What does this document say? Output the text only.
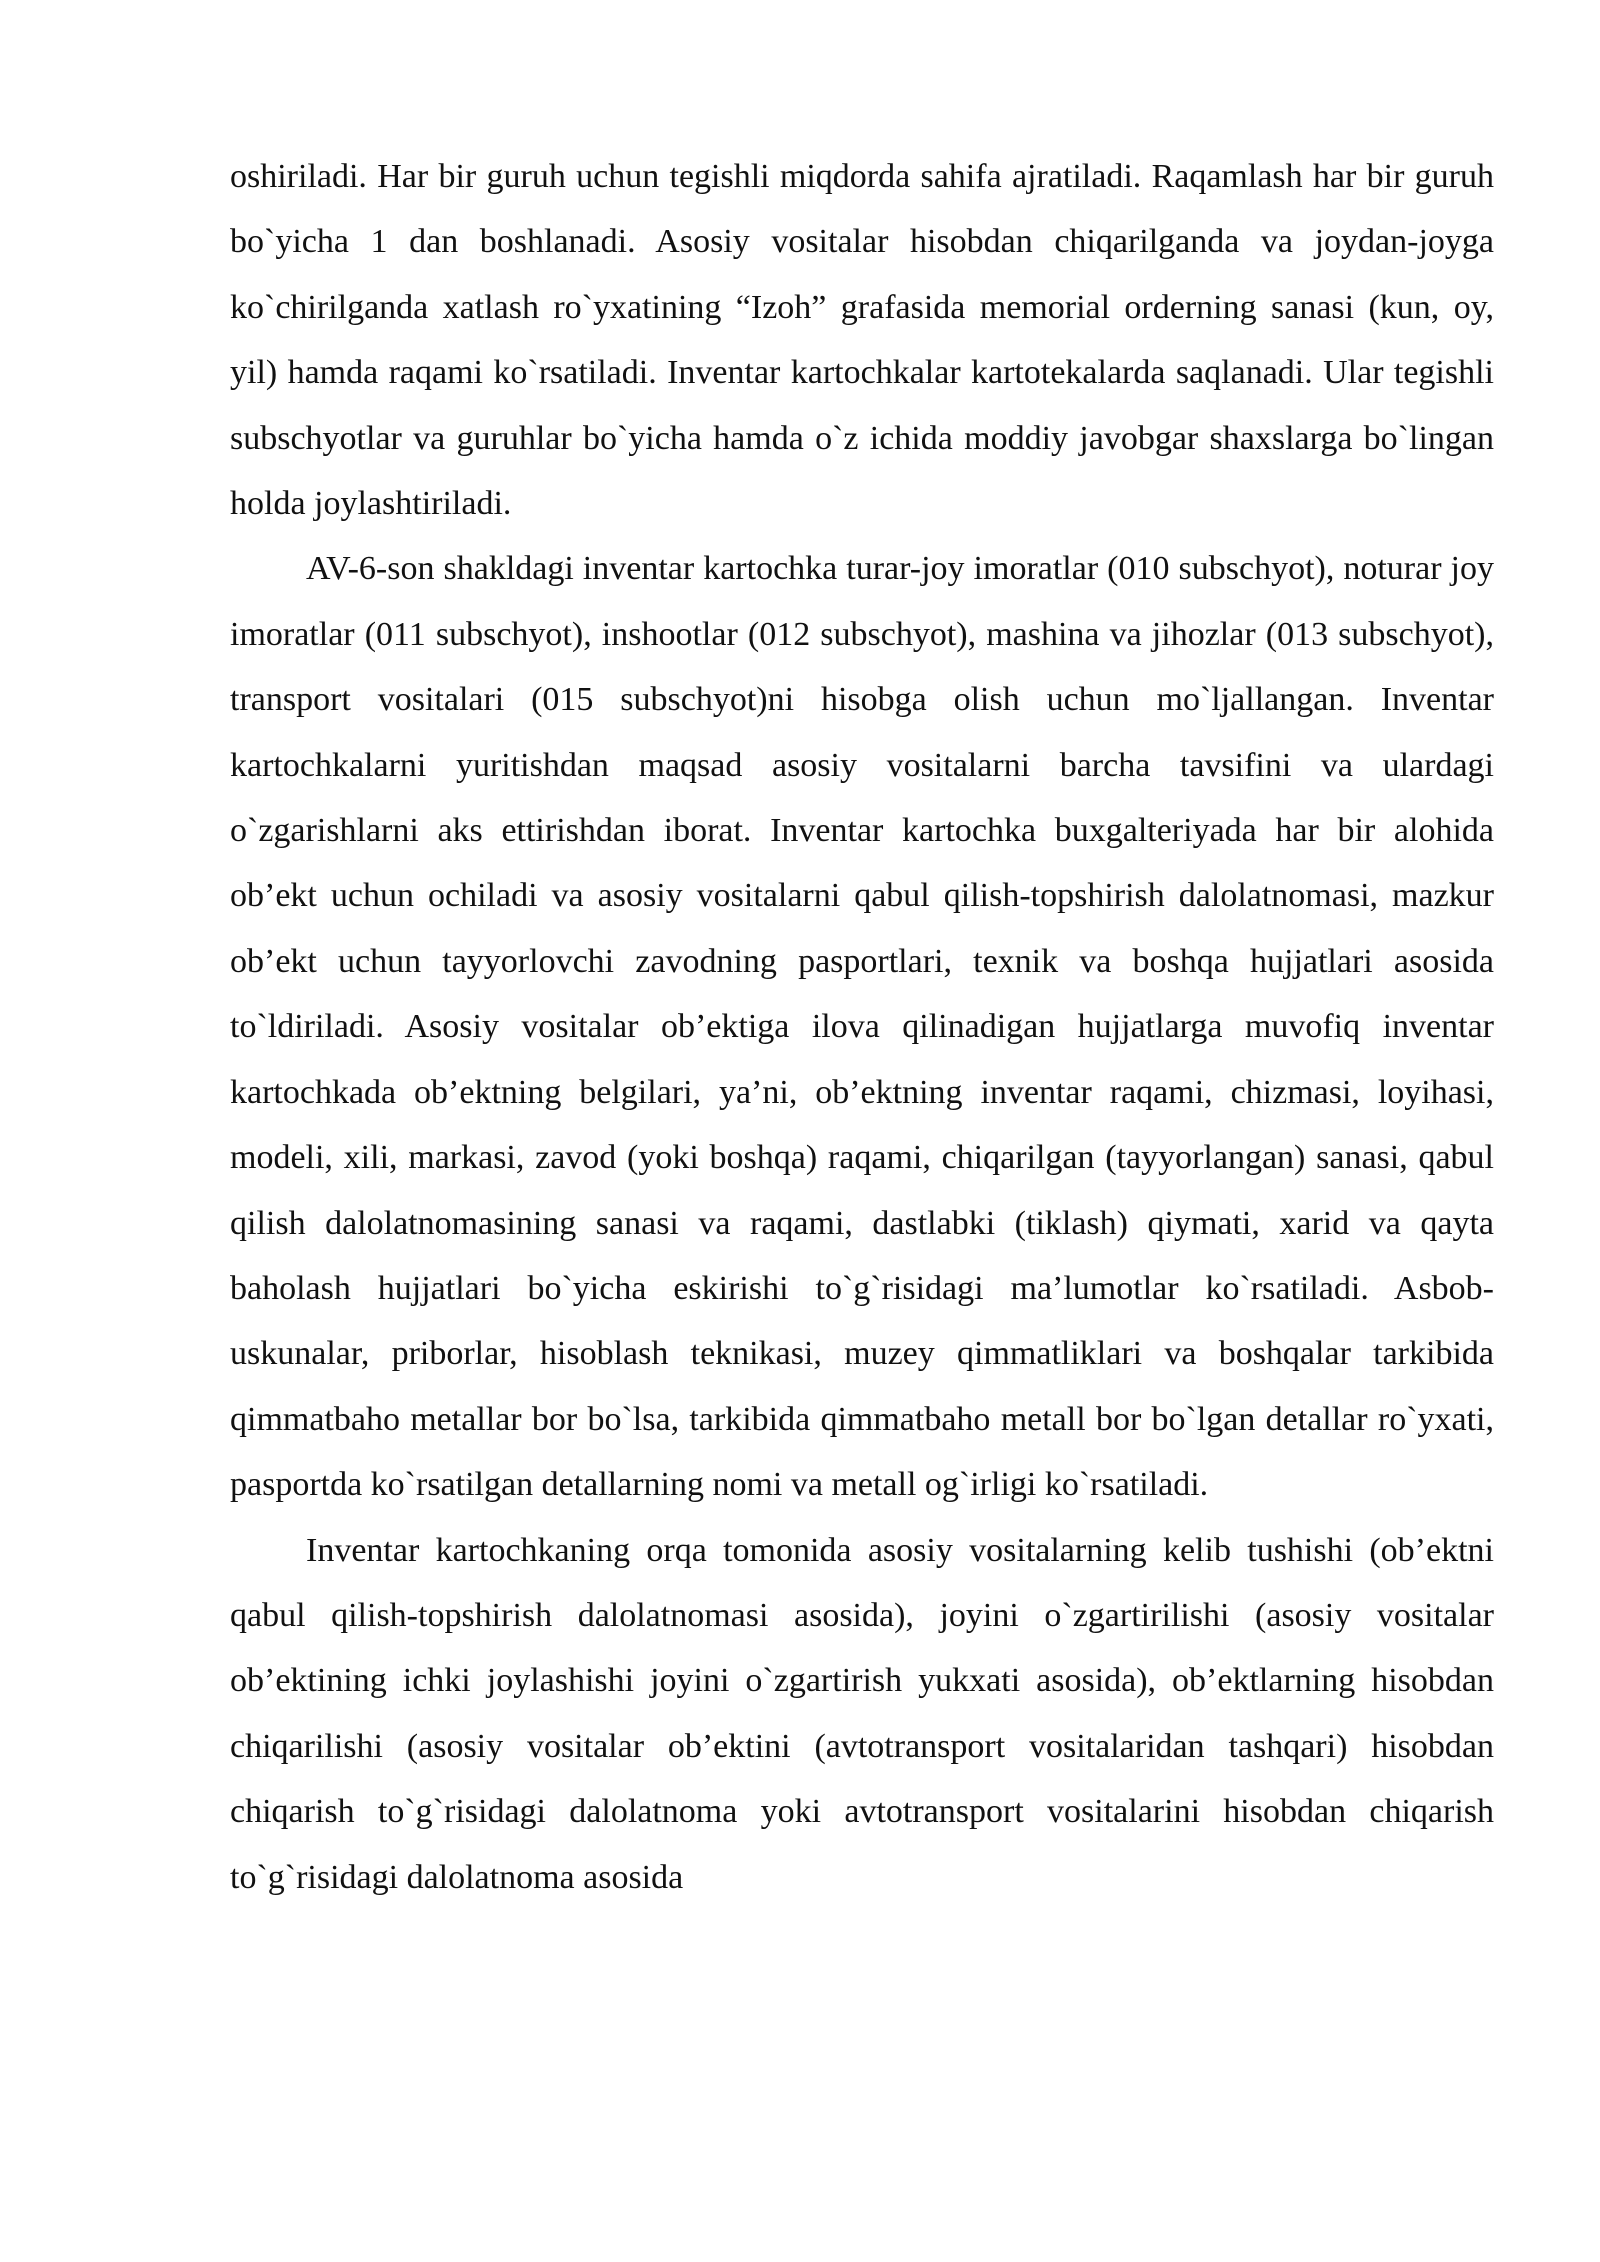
oshiriladi. Har bir guruh uchun tegishli miqdorda sahifa ajratiladi. Raqamlash har bir guruh bo`yicha 1 dan boshlanadi. Asosiy vositalar hisobdan chiqarilganda va joydan-joyga ko`chirilganda xatlash ro`yxatining “Izoh” grafasida memorial orderning sanasi (kun, oy, yil) hamda raqami ko`rsatiladi. Inventar kartochkalar kartotekalarda saqlanadi. Ular tegishli subschyotlar va guruhlar bo`yicha hamda o`z ichida moddiy javobgar shaxslarga bo`lingan holda joylashtiriladi.

AV-6-son shakldagi inventar kartochka turar-joy imoratlar (010 subschyot), noturar joy imoratlar (011 subschyot), inshootlar (012 subschyot), mashina va jihozlar (013 subschyot), transport vositalari (015 subschyot)ni hisobga olish uchun mo`ljallangan. Inventar kartochkalarni yuritishdan maqsad asosiy vositalarni barcha tavsifini va ulardagi o`zgarishlarni aks ettirishdan iborat. Inventar kartochka buxgalteriyada har bir alohida ob’ekt uchun ochiladi va asosiy vositalarni qabul qilish-topshirish dalolatnomasi, mazkur ob’ekt uchun tayyorlovchi zavodning pasportlari, texnik va boshqa hujjatlari asosida to`ldiriladi. Asosiy vositalar ob’ektiga ilova qilinadigan hujjatlarga muvofiq inventar kartochkada ob’ektning belgilari, ya’ni, ob’ektning inventar raqami, chizmasi, loyihasi, modeli, xili, markasi, zavod (yoki boshqa) raqami, chiqarilgan (tayyorlangan) sanasi, qabul qilish dalolatnomasining sanasi va raqami, dastlabki (tiklash) qiymati, xarid va qayta baholash hujjatlari bo`yicha eskirishi to`g`risidagi ma’lumotlar ko`rsatiladi. Asbob-uskunalar, priborlar, hisoblash teknikasi, muzey qimmatliklari va boshqalar tarkibida qimmatbaho metallar bor bo`lsa, tarkibida qimmatbaho metall bor bo`lgan detallar ro`yxati, pasportda ko`rsatilgan detallarning nomi va metall og`irligi ko`rsatiladi.

Inventar kartochkaning orqa tomonida asosiy vositalarning kelib tushishi (ob’ektni qabul qilish-topshirish dalolatnomasi asosida), joyini o`zgartirilishi (asosiy vositalar ob’ektining ichki joylashishi joyini o`zgartirish yukxati asosida), ob’ektlarning hisobdan chiqarilishi (asosiy vositalar ob’ektini (avtotransport vositalaridan tashqari) hisobdan chiqarish to`g`risidagi dalolatnoma yoki avtotransport vositalarini hisobdan chiqarish to`g`risidagi dalolatnoma asosida
